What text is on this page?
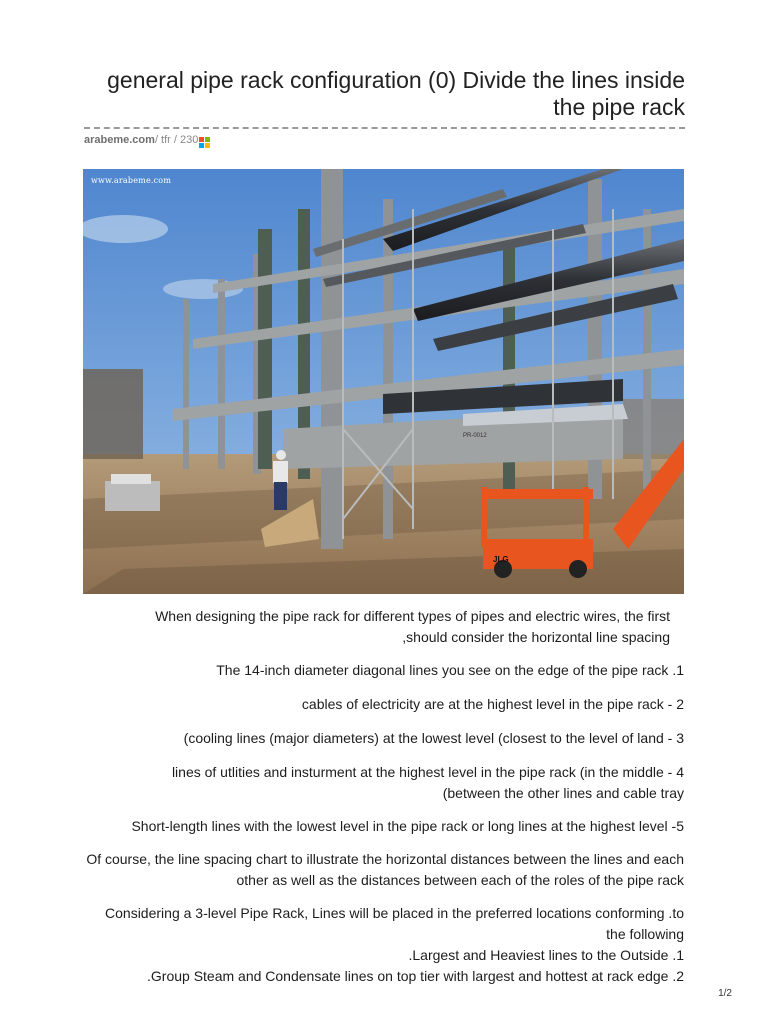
general pipe rack configuration (0) Divide the lines inside the pipe rack
arabeme.com / tfr / 230
PR-0012
JLG
www.arabeme.com

When designing the pipe rack for different types of pipes and electric wires, the first ,should consider the horizontal line spacing

The 14-inch diameter diagonal lines you see on the edge of the pipe rack .1

cables of electricity are at the highest level in the pipe rack - 2

(cooling lines (major diameters) at the lowest level (closest to the level of land - 3

lines of utlities and insturment at the highest level in the pipe rack (in the middle - 4 (between the other lines and cable tray

Short-length lines with the lowest level in the pipe rack or long lines at the highest level -5

Of course, the line spacing chart to illustrate the horizontal distances between the lines and each other as well as the distances between each of the roles of the pipe rack

Considering a 3-level Pipe Rack, Lines will be placed in the preferred locations conforming .to the following

.Largest and Heaviest lines to the Outside .1

.Group Steam and Condensate lines on top tier with largest and hottest at rack edge .2

1/2
